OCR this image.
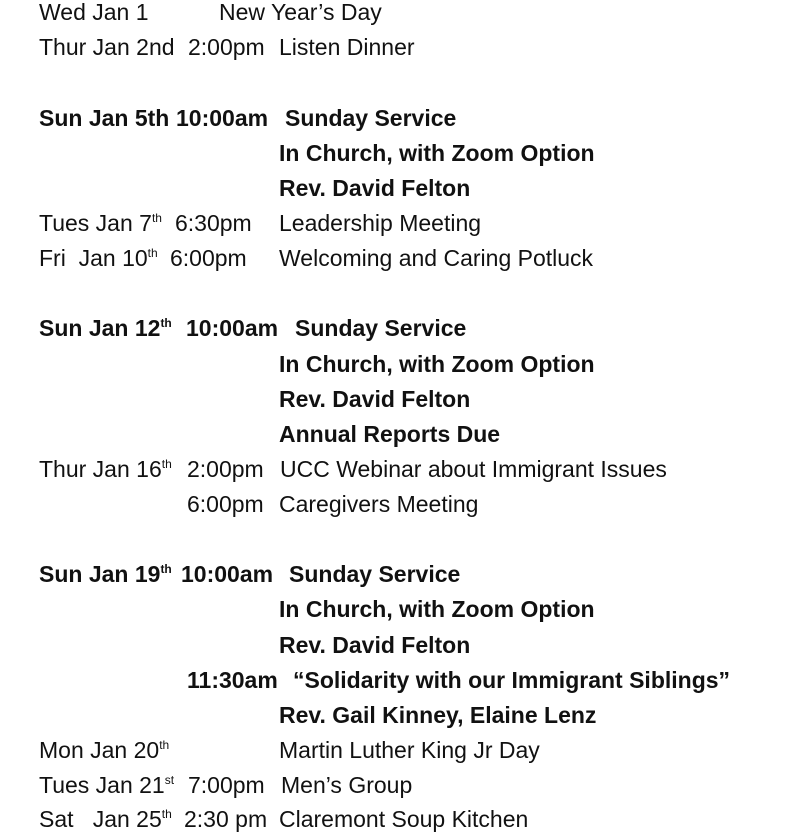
Wed Jan 1	New Year’s Day
Thur Jan 2nd 2:00pm Listen Dinner
Sun Jan 5th 10:00am Sunday Service
In Church, with Zoom Option
Rev. David Felton
Tues Jan 7th 6:30pm Leadership Meeting
Fri  Jan 10th 6:00pm Welcoming and Caring Potluck
Sun Jan 12th 10:00am Sunday Service
In Church, with Zoom Option
Rev. David Felton
Annual Reports Due
Thur Jan 16th 2:00pm UCC Webinar about Immigrant Issues
6:00pm Caregivers Meeting
Sun Jan 19th 10:00am Sunday Service
In Church, with Zoom Option
Rev. David Felton
11:30am “Solidarity with our Immigrant Siblings”
Rev. Gail Kinney, Elaine Lenz
Mon Jan 20th	Martin Luther King Jr Day
Tues Jan 21st 7:00pm Men’s Group
Sat   Jan 25th 2:30 pm Claremont Soup Kitchen
